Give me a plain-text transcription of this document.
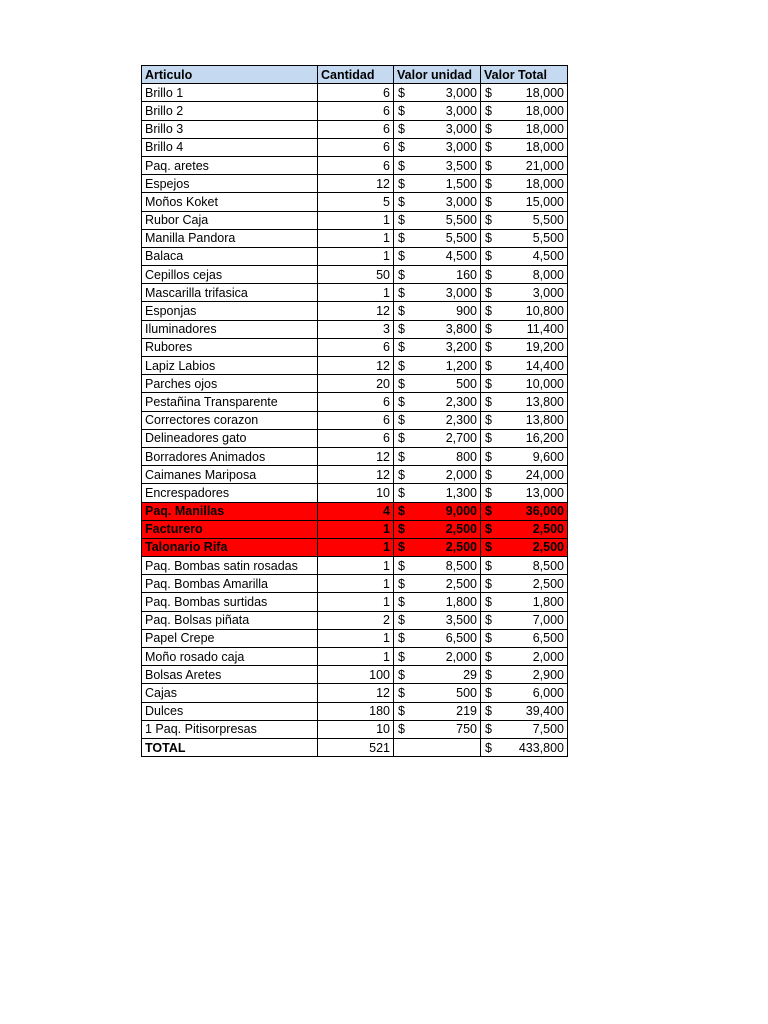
Articulo	Cantidad	Valor unidad	Valor Total
Brillo 1	6	$ 3,000	$ 18,000

Brillo 2	6	$ 3,000	$ 18,000

Brillo 3	6	$ 3,000	$ 18,000

Brillo 4	6	$ 3,000	$ 18,000

Paq. aretes	6	$ 3,500	$ 21,000

Espejos	12	$ 1,500	$ 18,000

Moños Koket	5	$ 3,000	$ 15,000

Rubor Caja	1	$ 5,500	$ 5,500

Manilla Pandora	1	$ 5,500	$ 5,500

Balaca	1	$ 4,500	$ 4,500

Cepillos cejas	50	$ 160	$ 8,000

Mascarilla trifasica	1	$ 3,000	$ 3,000

Esponjas	12	$ 900	$ 10,800

Iluminadores	3	$ 3,800	$ 11,400

Rubores	6	$ 3,200	$ 19,200

Lapiz Labios	12	$ 1,200	$ 14,400

Parches ojos	20	$ 500	$ 10,000

Pestañina Transparente	6	$ 2,300	$ 13,800

Correctores corazon	6	$ 2,300	$ 13,800

Delineadores gato	6	$ 2,700	$ 16,200

Borradores Animados	12	$ 800	$ 9,600

Caimanes Mariposa	12	$ 2,000	$ 24,000

Encrespadores	10	$ 1,300	$ 13,000

Paq. Manillas	4	$ 9,000	$ 36,000

Facturero	1	$ 2,500	$ 2,500

Talonario Rifa	1	$ 2,500	$ 2,500

Paq. Bombas satin rosadas	1	$ 8,500	$ 8,500

Paq. Bombas Amarilla	1	$ 2,500	$ 2,500

Paq. Bombas surtidas	1	$ 1,800	$ 1,800

Paq. Bolsas piñata	2	$ 3,500	$ 7,000

Papel Crepe	1	$ 6,500	$ 6,500

Moño rosado caja	1	$ 2,000	$ 2,000

Bolsas Aretes	100	$ 29	$ 2,900

Cajas	12	$ 500	$ 6,000

Dulces	180	$ 219	$ 39,400

1 Paq. Pitisorpresas	10	$ 750	$ 7,500

TOTAL	521		$ 433,800
